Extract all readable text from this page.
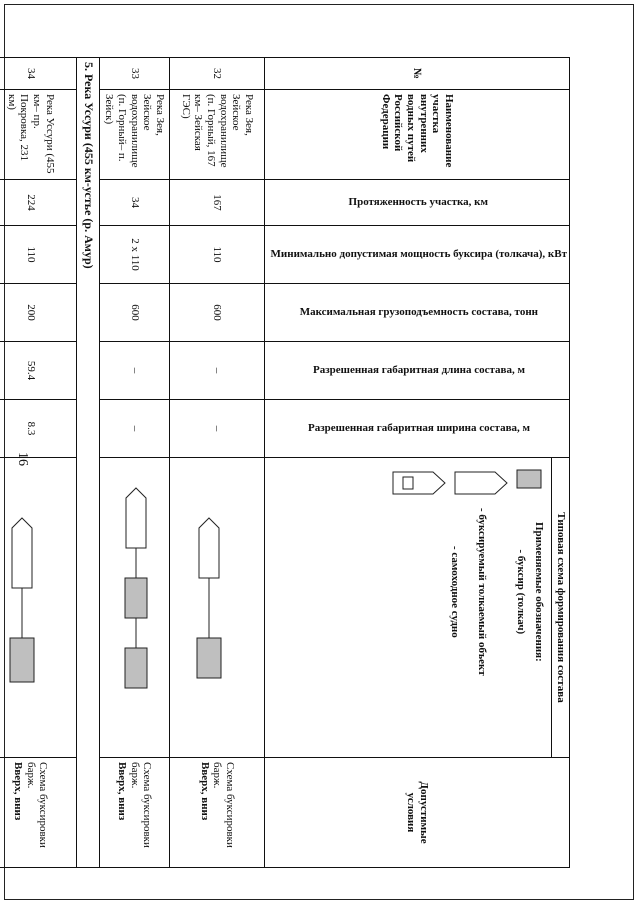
16
№	Наименование участка внутренних водных путей Российской Федерации	Протяженность участка, км	Минимально допустимая мощность буксира (толкача), кВт	Максимальная грузоподъемность состава, тонн	Разрешенная габаритная длина состава, м	Разрешенная габаритная ширина состава, м	Типовая схема формирования состава
Применяемые обозначения:
- буксир (толкач)
- буксируемый толкаемый объект
- самоходное судно	Допустимые условия
32	Река Зея, Зейское водохранилище (п. Горный, 167 км– Зейская ГЭС)	167	110	600	–	–		Схема буксировки барж.
Вверх, вниз
33	Река Зея, Зейское водохранилище (п. Горный– п. Зейск)	34	2 х 110	600	–	–		Схема буксировки барж.
Вверх, вниз
5. Река Уссури (455 км-устье (р. Амур)								
34	Река Уссури (455 км– пр. Покровка, 231 км)	224	110	200	59.4	8.3		Схема буксировки барж.
Вверх, вниз
